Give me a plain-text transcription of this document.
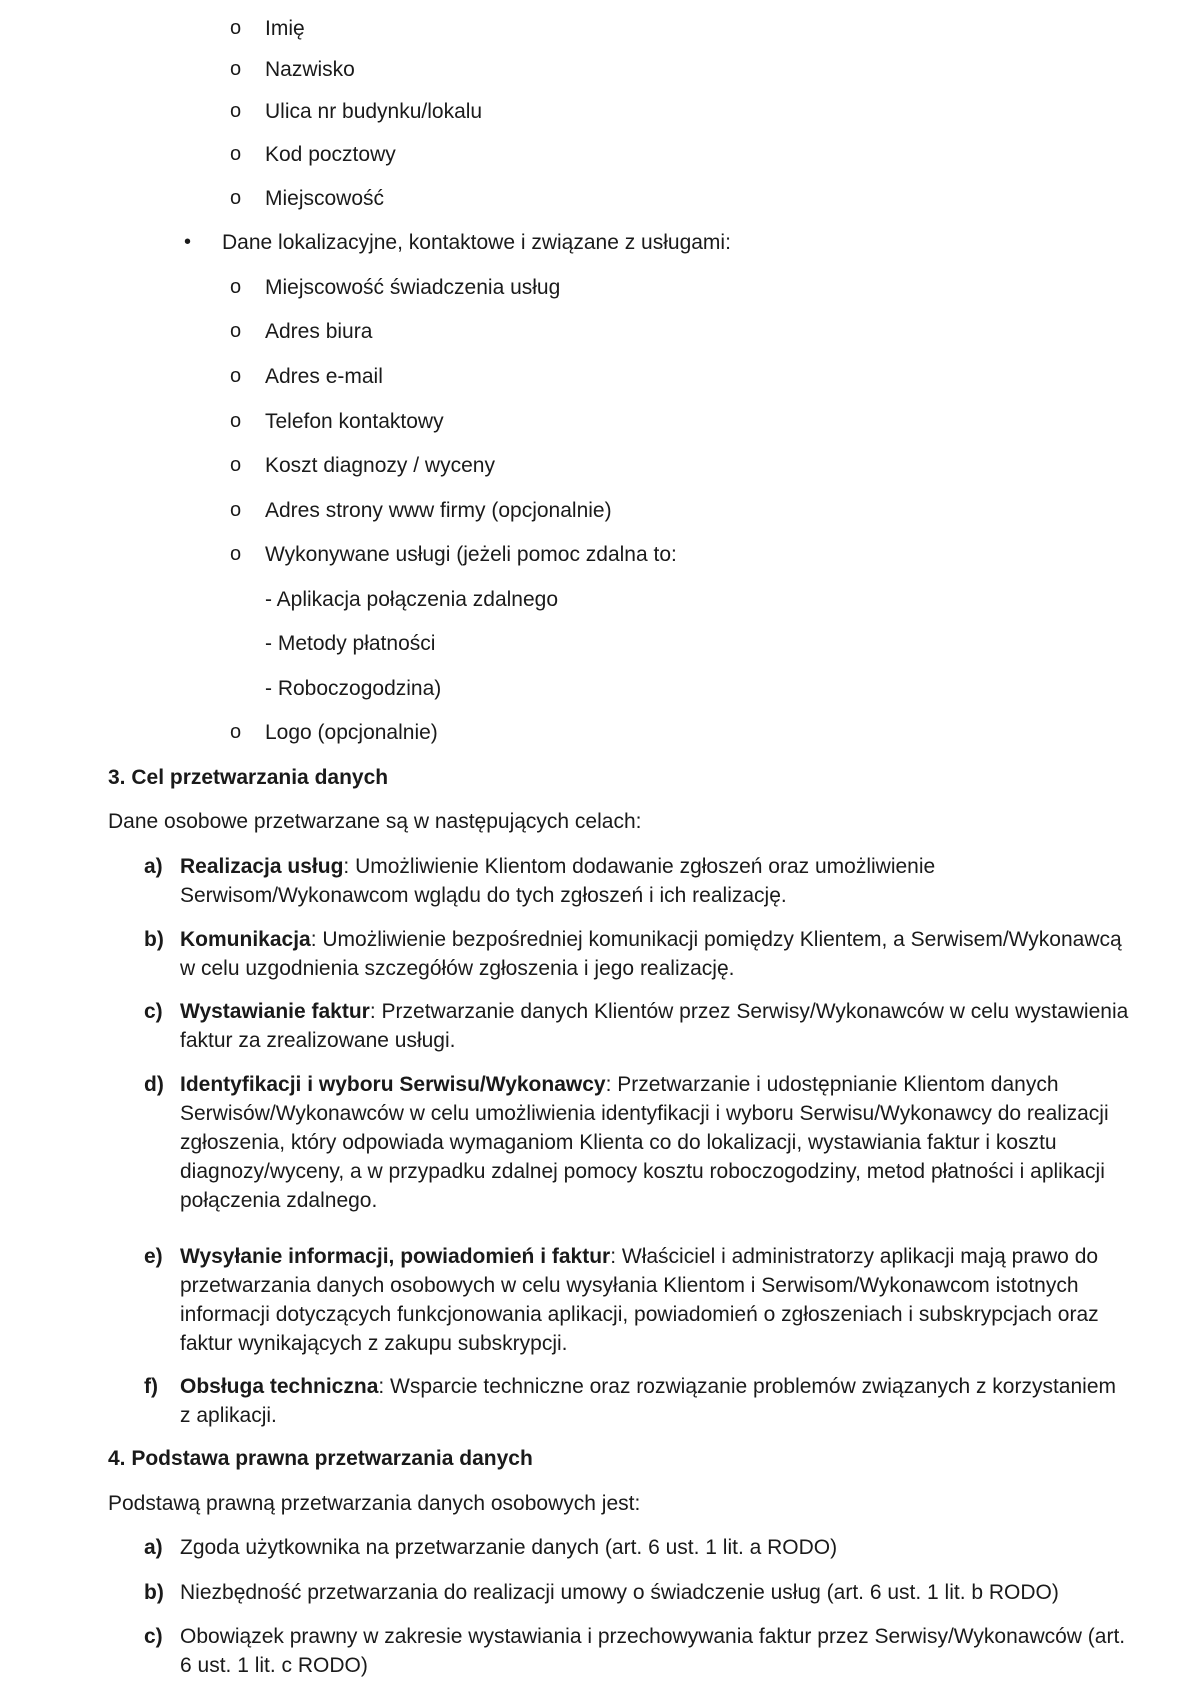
o Imię
o Nazwisko
o Ulica nr budynku/lokalu
o Kod pocztowy
o Miejscowość
• Dane lokalizacyjne, kontaktowe i związane z usługami:
o Miejscowość świadczenia usług
o Adres biura
o Adres e-mail
o Telefon kontaktowy
o Koszt diagnozy / wyceny
o Adres strony www firmy (opcjonalnie)
o Wykonywane usługi (jeżeli pomoc zdalna to:
- Aplikacja połączenia zdalnego
- Metody płatności
- Roboczogodzina)
o Logo (opcjonalnie)
3. Cel przetwarzania danych
Dane osobowe przetwarzane są w następujących celach:
a) Realizacja usług: Umożliwienie Klientom dodawanie zgłoszeń oraz umożliwienie Serwisom/Wykonawcom wglądu do tych zgłoszeń i ich realizację.
b) Komunikacja: Umożliwienie bezpośredniej komunikacji pomiędzy Klientem, a Serwisem/Wykonawcą w celu uzgodnienia szczegółów zgłoszenia i jego realizację.
c) Wystawianie faktur: Przetwarzanie danych Klientów przez Serwisy/Wykonawców w celu wystawienia faktur za zrealizowane usługi.
d) Identyfikacji i wyboru Serwisu/Wykonawcy: Przetwarzanie i udostępnianie Klientom danych Serwisów/Wykonawców w celu umożliwienia identyfikacji i wyboru Serwisu/Wykonawcy do realizacji zgłoszenia, który odpowiada wymaganiom Klienta co do lokalizacji, wystawiania faktur i kosztu diagnozy/wyceny, a w przypadku zdalnej pomocy kosztu roboczogodziny, metod płatności i aplikacji połączenia zdalnego.
e) Wysyłanie informacji, powiadomień i faktur: Właściciel i administratorzy aplikacji mają prawo do przetwarzania danych osobowych w celu wysyłania Klientom i Serwisom/Wykonawcom istotnych informacji dotyczących funkcjonowania aplikacji, powiadomień o zgłoszeniach i subskrypcjach oraz faktur wynikających z zakupu subskrypcji.
f) Obsługa techniczna: Wsparcie techniczne oraz rozwiązanie problemów związanych z korzystaniem z aplikacji.
4. Podstawa prawna przetwarzania danych
Podstawą prawną przetwarzania danych osobowych jest:
a) Zgoda użytkownika na przetwarzanie danych (art. 6 ust. 1 lit. a RODO)
b) Niezbędność przetwarzania do realizacji umowy o świadczenie usług (art. 6 ust. 1 lit. b RODO)
c) Obowiązek prawny w zakresie wystawiania i przechowywania faktur przez Serwisy/Wykonawców (art. 6 ust. 1 lit. c RODO)
